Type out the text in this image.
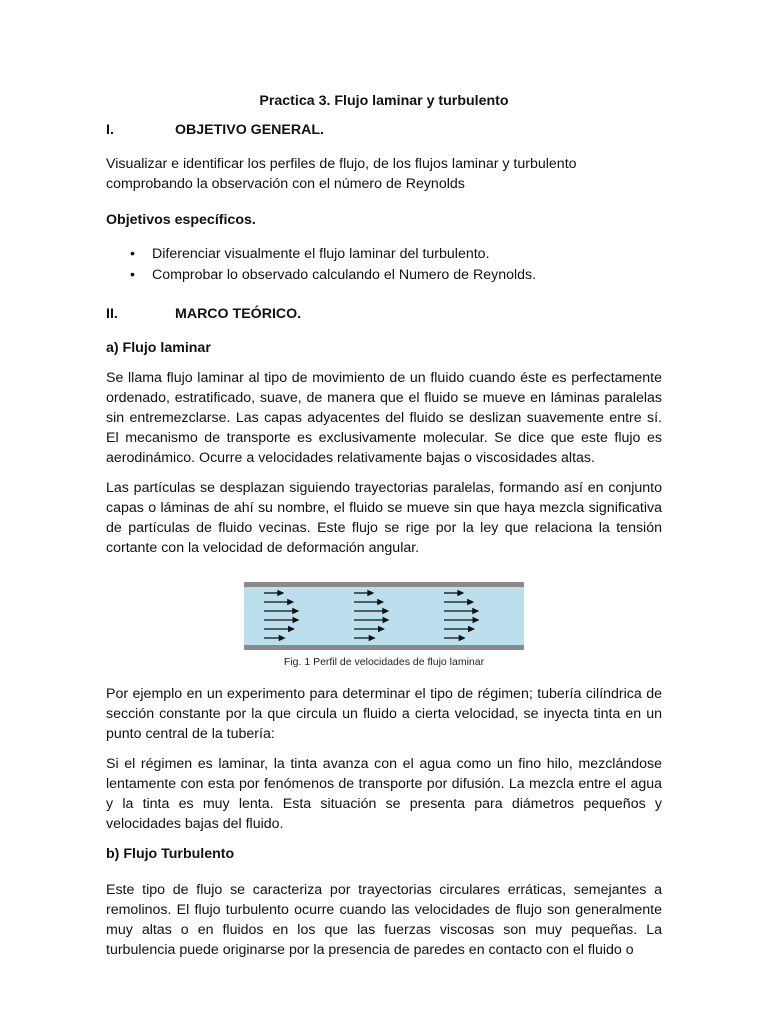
Practica 3. Flujo laminar y turbulento
I.	OBJETIVO GENERAL.

Visualizar e identificar los perfiles de flujo, de los flujos laminar y turbulento comprobando la observación con el número de Reynolds

Objetivos específicos.
• Diferenciar visualmente el flujo laminar del turbulento.
• Comprobar lo observado calculando el Numero de Reynolds.
II.	MARCO TEÓRICO.
a) Flujo laminar

Se llama flujo laminar al tipo de movimiento de un fluido cuando éste es perfectamente ordenado, estratificado, suave, de manera que el fluido se mueve en láminas paralelas sin entremezclarse. Las capas adyacentes del fluido se deslizan suavemente entre sí. El mecanismo de transporte es exclusivamente molecular. Se dice que este flujo es aerodinámico. Ocurre a velocidades relativamente bajas o viscosidades altas.

Las partículas se desplazan siguiendo trayectorias paralelas, formando así en conjunto capas o láminas de ahí su nombre, el fluido se mueve sin que haya mezcla significativa de partículas de fluido vecinas. Este flujo se rige por la ley que relaciona la tensión cortante con la velocidad de deformación angular.

Fig. 1 Perfil de velocidades de flujo laminar

Por ejemplo en un experimento para determinar el tipo de régimen; tubería cilíndrica de sección constante por la que circula un fluido a cierta velocidad, se inyecta tinta en un punto central de la tubería:

Si el régimen es laminar, la tinta avanza con el agua como un fino hilo, mezclándose lentamente con esta por fenómenos de transporte por difusión. La mezcla entre el agua y la tinta es muy lenta. Esta situación se presenta para diámetros pequeños y velocidades bajas del fluido.

b) Flujo Turbulento

Este tipo de flujo se caracteriza por trayectorias circulares erráticas, semejantes a remolinos. El flujo turbulento ocurre cuando las velocidades de flujo son generalmente muy altas o en fluidos en los que las fuerzas viscosas son muy pequeñas. La turbulencia puede originarse por la presencia de paredes en contacto con el fluido o
